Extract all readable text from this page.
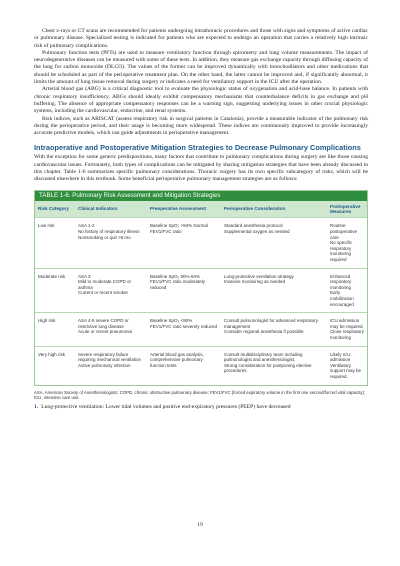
Chest x-rays or CT scans are recommended for patients undergoing intrathoracic procedures and those with signs and symptoms of active cardiac or pulmonary disease. Specialized testing is indicated for patients who are expected to undergo an operation that carries a relatively high intrinsic risk of pulmonary complications.

Pulmonary function tests (PFTs) are used to measure ventilatory function through spirometry and lung volume measurements. The impact of neurodegenerative diseases can be measured with some of these tests. In addition, they measure gas exchange capacity through diffusing capacity of the lung for carbon monoxide (DLCO). The values of the former can be improved dynamically with bronchodilators and other medications that should be scheduled as part of the perioperative treatment plan. On the other hand, the latter cannot be improved and, if significantly abnormal, it limits the amount of lung tissue removal during surgery or indicates a need for ventilatory support in the ICU after the operation.

Arterial blood gas (ABG) is a critical diagnostic tool to evaluate the physiologic status of oxygenation and acid-base balance. In patients with chronic respiratory insufficiency, ABGs should ideally exhibit compensatory mechanisms that counterbalance deficits in gas exchange and pH buffering. The absence of appropriate compensatory responses can be a warning sign, suggesting underlying issues in other crucial physiologic systems, including the cardiovascular, endocrine, and renal systems.

Risk indices, such as ARISCAT (assess respiratory risk in surgical patients in Catalonia), provide a measurable indicator of the pulmonary risk during the perioperative period, and their usage is becoming more widespread. These indices are continuously improved to provide increasingly accurate predictive models, which can guide adjustments in perioperative management.

Intraoperative and Postoperative Mitigation Strategies to Decrease Pulmonary Complications

With the exception for some generic predispositions, many factors that contribute to pulmonary complications during surgery are like those causing cardiovascular issues. Fortunately, both types of complications can be mitigated by sharing mitigation strategies that have been already discussed in this chapter. Table 1-6 summarizes specific pulmonary considerations. Thoracic surgery has its own specific subcategory of risks, which will be discussed elsewhere in this textbook. Some beneficial perioperative pulmonary management strategies are as follows:

TABLE 1-6. Pulmonary Risk Assessment and Mitigation Strategies
Risk Category	Clinical Indicators	Preoperative Assessment	Perioperative Consideration	Postoperative Measures

Low risk	ASA 1-2
No history of respiratory illness
Nonsmoking or quit >6 mo	Baseline SpO₂ >94% Normal
FEV1/FVC ratio	Standard anesthesia protocol
Supplemental oxygen as needed	Routine postoperative care
No specific respiratory monitoring required

Moderate risk	ASA 3
Mild to moderate COPD or asthma
Current or recent smoker	Baseline SpO₂ 90%-94%
FEV1/FVC ratio moderately reduced	Lung-protective ventilation strategy
Invasive monitoring as needed	Enhanced respiratory monitoring
Early mobilization encouraged

High risk	ASA 4-5 severe COPD or restrictive lung disease
Acute or recent pneumonia	Baseline SpO₂ <90%
FEV1/FVC ratio severely reduced	Consult pulmonologist for advanced respiratory management
Consider regional anesthesia if possible	ICU admission may be required.
Close respiratory monitoring

Very high risk	Severe respiratory failure requiring mechanical ventilation
Active pulmonary infection	Arterial blood gas analysis, comprehensive pulmonary function tests	Consult multidisciplinary team including pulmonologist and anesthesiologist.
Strong consideration for postponing elective procedures	Likely ICU admission
Ventilatory support may be required.

ASA, American Society of Anesthesiologists; COPD, chronic obstructive pulmonary disease; FEV1/FVC (forced expiratory volume in the first one second/forced vital capacity); ICU, intensive care unit.

1. Lung-protective ventilation: Lower tidal volumes and positive end-expiratory pressures (PEEP) have decreased

19
